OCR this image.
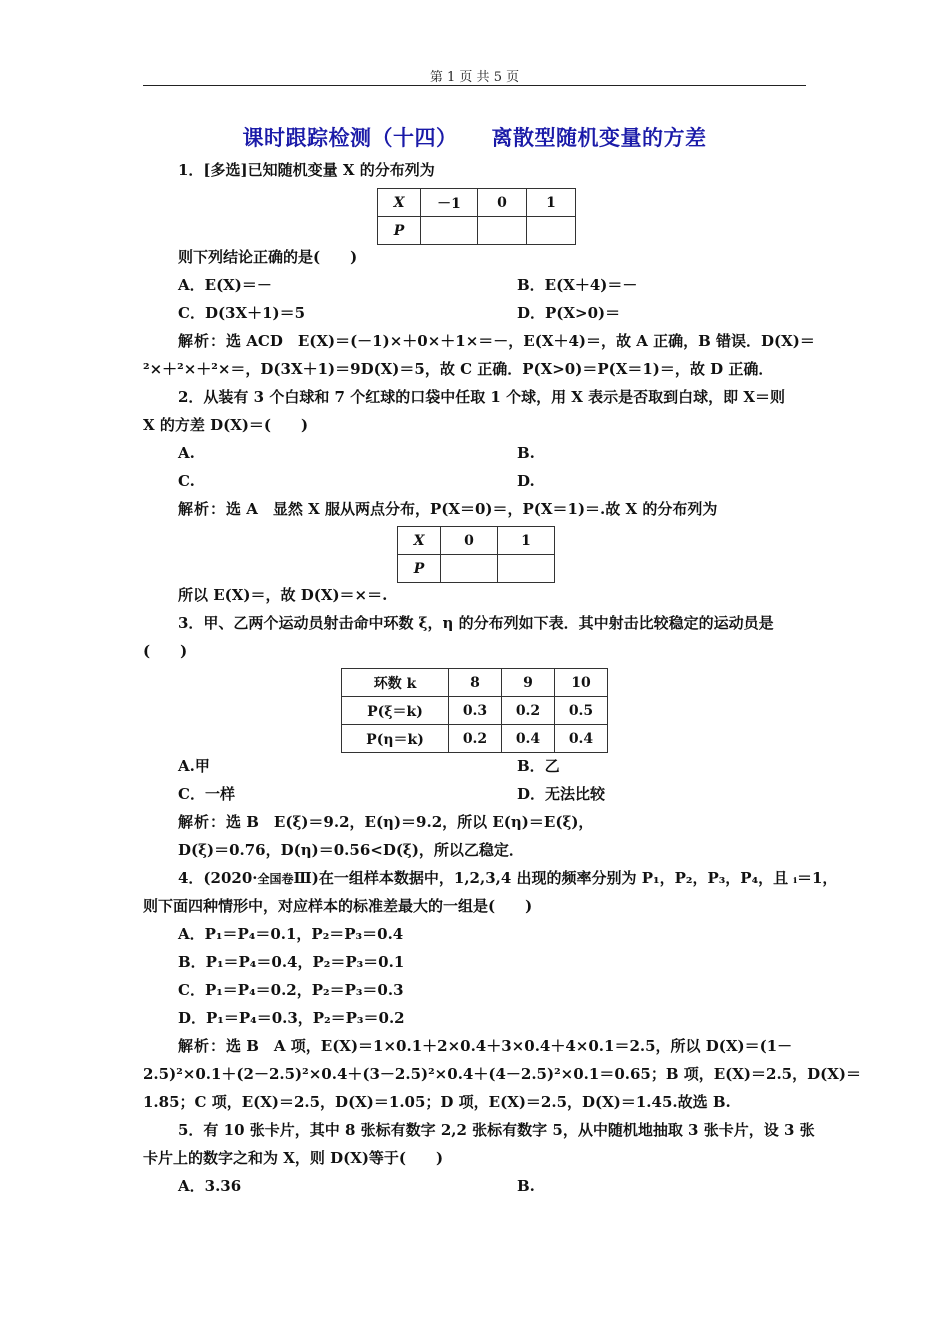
第 1 页 共 5 页
课时跟踪检测（十四） 离散型随机变量的方差
1．[多选]已知随机变量 X 的分布列为
X	－1	0	1
P			
则下列结论正确的是(　　)
A．E(X)＝－	B．E(X＋4)＝－
C．D(3X＋1)＝5	D．P(X>0)＝
解析：选 ACD　E(X)＝(－1)×＋0×＋1×＝－，E(X＋4)＝，故 A 正确，B 错误．D(X)＝
²×＋²×＋²×＝，D(3X＋1)＝9D(X)＝5，故 C 正确．P(X>0)＝P(X＝1)＝，故 D 正确．
2．从装有 3 个白球和 7 个红球的口袋中任取 1 个球，用 X 表示是否取到白球，即 X＝则
X 的方差 D(X)＝(　　)
A.	B.
C.	D.
解析：选 A　显然 X 服从两点分布，P(X＝0)＝，P(X＝1)＝.故 X 的分布列为
X	0	1
P		
所以 E(X)＝，故 D(X)＝×＝.
3．甲、乙两个运动员射击命中环数 ξ，η 的分布列如下表．其中射击比较稳定的运动员是
(　　)
环数 k	8	9	10
P(ξ＝k)	0.3	0.2	0.5
P(η＝k)	0.2	0.4	0.4
A.甲	B．乙
C．一样	D．无法比较
解析：选 B　E(ξ)＝9.2，E(η)＝9.2，所以 E(η)＝E(ξ)，
D(ξ)＝0.76，D(η)＝0.56<D(ξ)，所以乙稳定．
4．(2020·全国卷Ⅲ)在一组样本数据中，1,2,3,4 出现的频率分别为 P₁，P₂，P₃，P₄，且 ᵢ＝1，
则下面四种情形中，对应样本的标准差最大的一组是(　　)
A．P₁＝P₄＝0.1，P₂＝P₃＝0.4
B．P₁＝P₄＝0.4，P₂＝P₃＝0.1
C．P₁＝P₄＝0.2，P₂＝P₃＝0.3
D．P₁＝P₄＝0.3，P₂＝P₃＝0.2
解析：选 B　A 项，E(X)＝1×0.1＋2×0.4＋3×0.4＋4×0.1＝2.5，所以 D(X)＝(1－
2.5)²×0.1＋(2－2.5)²×0.4＋(3－2.5)²×0.4＋(4－2.5)²×0.1＝0.65；B 项，E(X)＝2.5，D(X)＝
1.85；C 项，E(X)＝2.5，D(X)＝1.05；D 项，E(X)＝2.5，D(X)＝1.45.故选 B.
5．有 10 张卡片，其中 8 张标有数字 2,2 张标有数字 5，从中随机地抽取 3 张卡片，设 3 张
卡片上的数字之和为 X，则 D(X)等于(　　)
A．3.36	B.
